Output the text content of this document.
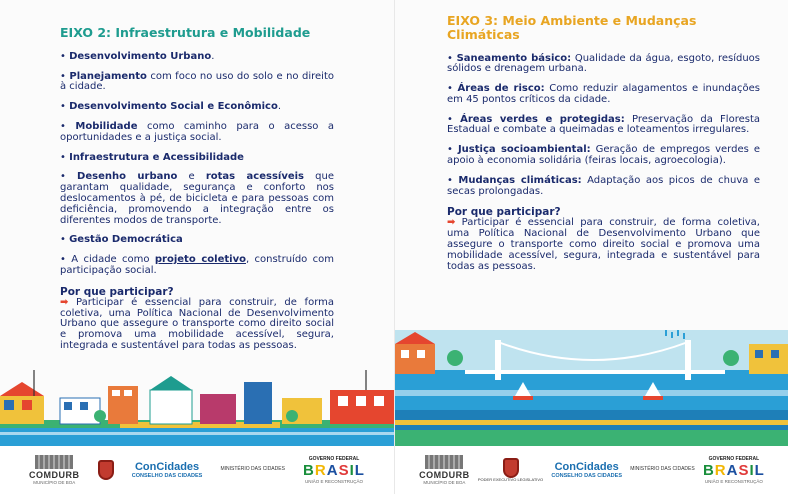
EIXO 2: Infraestrutura e Mobilidade
• Desenvolvimento Urbano.
• Planejamento com foco no uso do solo e no direito à cidade.
• Desenvolvimento Social e Econômico.
• Mobilidade como caminho para o acesso a oportunidades e a justiça social.
• Infraestrutura e Acessibilidade
• Desenho urbano e rotas acessíveis que garantam qualidade, segurança e conforto nos deslocamentos à pé, de bicicleta e para pessoas com deficiência, promovendo a integração entre os diferentes modos de transporte.
• Gestão Democrática
• A cidade como projeto coletivo, construído com participação social.
Por que participar?
➡ Participar é essencial para construir, de forma coletiva, uma Política Nacional de Desenvolvimento Urbano que assegure o transporte como direito social e promova uma mobilidade acessível, segura, integrada e sustentável para todas as pessoas.
COMDURB
MUNICÍPIO DE BOA
ConCidades
CONSELHO DAS CIDADES
MINISTÉRIO DAS CIDADES
GOVERNO FEDERAL
BRASIL
UNIÃO E RECONSTRUÇÃO
EIXO 3: Meio Ambiente e Mudanças Climáticas
• Saneamento básico: Qualidade da água, esgoto, resíduos sólidos e drenagem urbana.
• Áreas de risco: Como reduzir alagamentos e inundações em 45 pontos críticos da cidade.
• Áreas verdes e protegidas: Preservação da Floresta Estadual e combate a queimadas e loteamentos irregulares.
• Justiça socioambiental: Geração de empregos verdes e apoio à economia solidária (feiras locais, agroecologia).
• Mudanças climáticas: Adaptação aos picos de chuva e secas prolongadas.
Por que participar?
➡ Participar é essencial para construir, de forma coletiva, uma Política Nacional de Desenvolvimento Urbano que assegure o transporte como direito social e promova uma mobilidade acessível, segura, integrada e sustentável para todas as pessoas.
COMDURB
MUNICÍPIO DE BOA
PODER EXECUTIVO LEGISLATIVO
ConCidades
CONSELHO DAS CIDADES
MINISTÉRIO DAS CIDADES
GOVERNO FEDERAL
BRASIL
UNIÃO E RECONSTRUÇÃO
